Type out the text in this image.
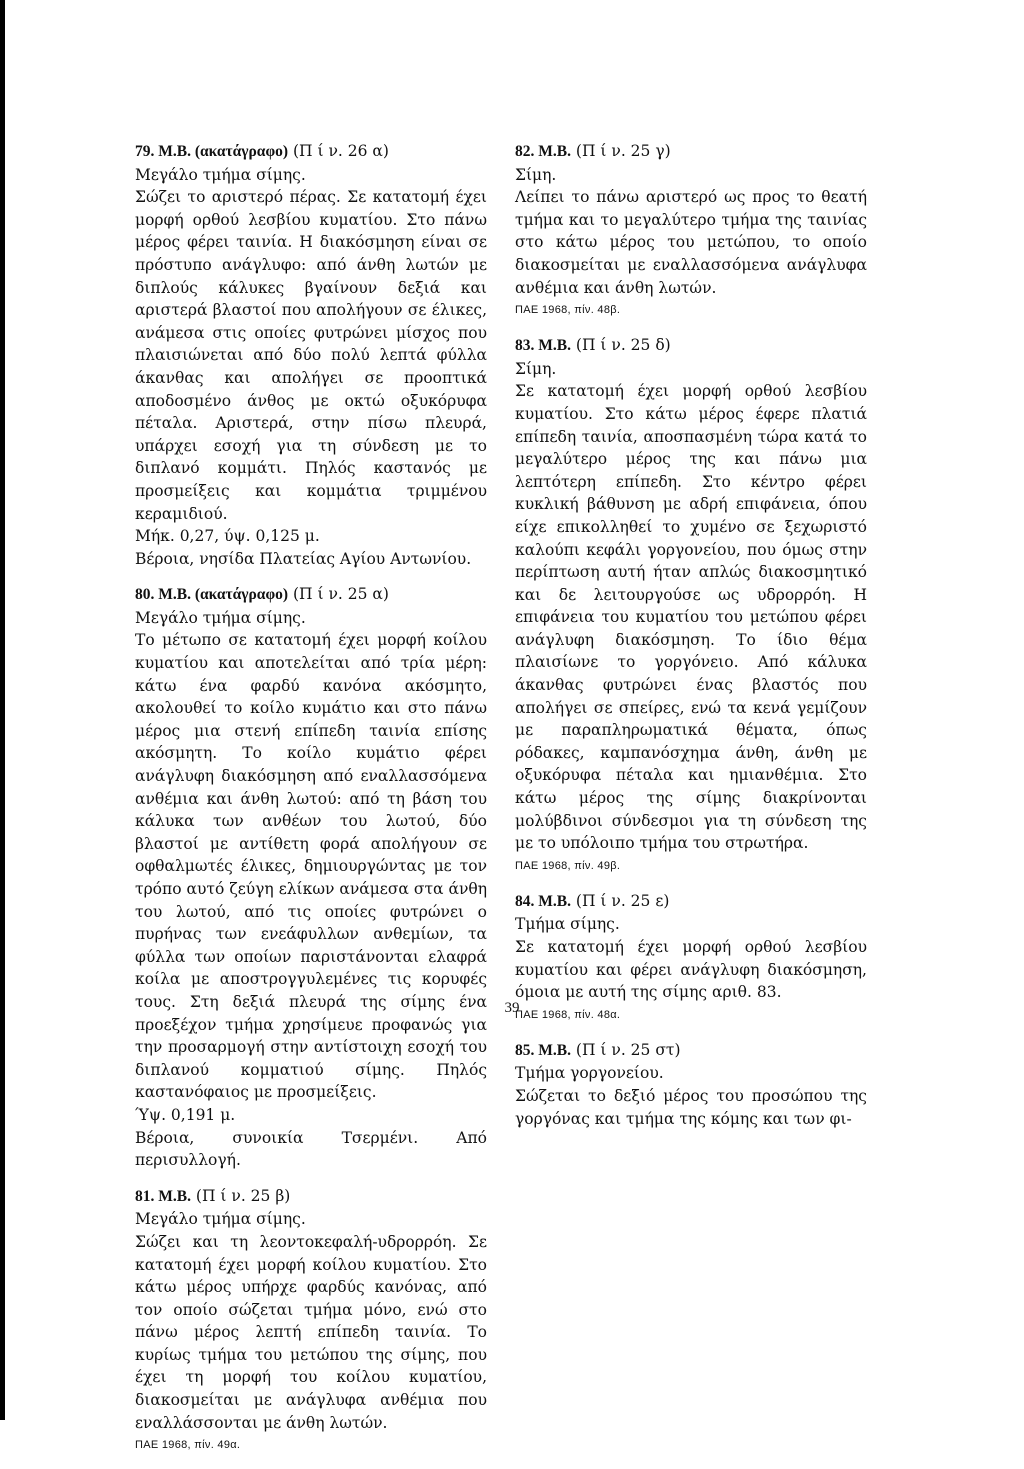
79. Μ.Β. (ακατάγραφο) (Π ί ν. 26 α)

Μεγάλο τμήμα σίμης.
Σώζει το αριστερό πέρας. Σε κατατομή έχει μορφή ορθού λεσβίου κυματίου. Στο πάνω μέρος φέρει ταινία. Η διακόσμηση είναι σε πρόστυπο ανάγλυφο: από άνθη λωτών με διπλούς κάλυκες βγαίνουν δεξιά και αριστερά βλαστοί που απολήγουν σε έλικες, ανάμεσα στις οποίες φυτρώνει μίσχος που πλαισιώνεται από δύο πολύ λεπτά φύλλα άκανθας και απολήγει σε προοπτικά αποδοσμένο άνθος με οκτώ οξυκόρυφα πέταλα. Αριστερά, στην πίσω πλευρά, υπάρχει εσοχή για τη σύνδεση με το διπλανό κομμάτι. Πηλός καστανός με προσμείξεις και κομμάτια τριμμένου κεραμιδιού.
Μήκ. 0,27, ύψ. 0,125 μ.
Βέροια, νησίδα Πλατείας Αγίου Αντωνίου.

80. Μ.Β. (ακατάγραφο) (Π ί ν. 25 α)

Μεγάλο τμήμα σίμης.
Το μέτωπο σε κατατομή έχει μορφή κοίλου κυματίου και αποτελείται από τρία μέρη: κάτω ένα φαρδύ κανόνα ακόσμητο, ακολουθεί το κοίλο κυμάτιο και στο πάνω μέρος μια στενή επίπεδη ταινία επίσης ακόσμητη. Το κοίλο κυμάτιο φέρει ανάγλυφη διακόσμηση από εναλλασσόμενα ανθέμια και άνθη λωτού: από τη βάση του κάλυκα των ανθέων του λωτού, δύο βλαστοί με αντίθετη φορά απολήγουν σε οφθαλμωτές έλικες, δημιουργώντας με τον τρόπο αυτό ζεύγη ελίκων ανάμεσα στα άνθη του λωτού, από τις οποίες φυτρώνει ο πυρήνας των ενεάφυλλων ανθεμίων, τα φύλλα των οποίων παριστάνονται ελαφρά κοίλα με αποστρογγυλεμένες τις κορυφές τους. Στη δεξιά πλευρά της σίμης ένα προεξέχον τμήμα χρησίμευε προφανώς για την προσαρμογή στην αντίστοιχη εσοχή του διπλανού κομματιού σίμης. Πηλός καστανόφαιος με προσμείξεις.
Ύψ. 0,191 μ.
Βέροια, συνοικία Τσερμένι. Από περισυλλογή.

81. Μ.Β. (Π ί ν. 25 β)

Μεγάλο τμήμα σίμης.
Σώζει και τη λεοντοκεφαλή-υδρορρόη. Σε κατατομή έχει μορφή κοίλου κυματίου. Στο κάτω μέρος υπήρχε φαρδύς κανόνας, από τον οποίο σώζεται τμήμα μόνο, ενώ στο πάνω μέρος λεπτή επίπεδη ταινία. Το κυρίως τμήμα του μετώπου της σίμης, που έχει τη μορφή του κοίλου κυματίου, διακοσμείται με ανάγλυφα ανθέμια που εναλλάσσονται με άνθη λωτών.

ΠΑΕ 1968, πίν. 49α.

82. Μ.Β. (Π ί ν. 25 γ)

Σίμη.
Λείπει το πάνω αριστερό ως προς το θεατή τμήμα και το μεγαλύτερο τμήμα της ταινίας στο κάτω μέρος του μετώπου, το οποίο διακοσμείται με εναλλασσόμενα ανάγλυφα ανθέμια και άνθη λωτών.

ΠΑΕ 1968, πίν. 48β.

83. Μ.Β. (Π ί ν. 25 δ)

Σίμη.
Σε κατατομή έχει μορφή ορθού λεσβίου κυματίου. Στο κάτω μέρος έφερε πλατιά επίπεδη ταινία, αποσπασμένη τώρα κατά το μεγαλύτερο μέρος της και πάνω μια λεπτότερη επίπεδη. Στο κέντρο φέρει κυκλική βάθυνση με αδρή επιφάνεια, όπου είχε επικολληθεί το χυμένο σε ξεχωριστό καλούπι κεφάλι γοργονείου, που όμως στην περίπτωση αυτή ήταν απλώς διακοσμητικό και δε λειτουργούσε ως υδρορρόη. Η επιφάνεια του κυματίου του μετώπου φέρει ανάγλυφη διακόσμηση. Το ίδιο θέμα πλαισίωνε το γοργόνειο. Από κάλυκα άκανθας φυτρώνει ένας βλαστός που απολήγει σε σπείρες, ενώ τα κενά γεμίζουν με παραπληρωματικά θέματα, όπως ρόδακες, καμπανόσχημα άνθη, άνθη με οξυκόρυφα πέταλα και ημιανθέμια. Στο κάτω μέρος της σίμης διακρίνονται μολύβδινοι σύνδεσμοι για τη σύνδεση της με το υπόλοιπο τμήμα του στρωτήρα.

ΠΑΕ 1968, πίν. 49β.

84. Μ.Β. (Π ί ν. 25 ε)

Τμήμα σίμης.
Σε κατατομή έχει μορφή ορθού λεσβίου κυματίου και φέρει ανάγλυφη διακόσμηση, όμοια με αυτή της σίμης αριθ. 83.

ΠΑΕ 1968, πίν. 48α.

85. Μ.Β. (Π ί ν. 25 στ)

Τμήμα γοργονείου.
Σώζεται το δεξιό μέρος του προσώπου της γοργόνας και τμήμα της κόμης και των φι-
39
